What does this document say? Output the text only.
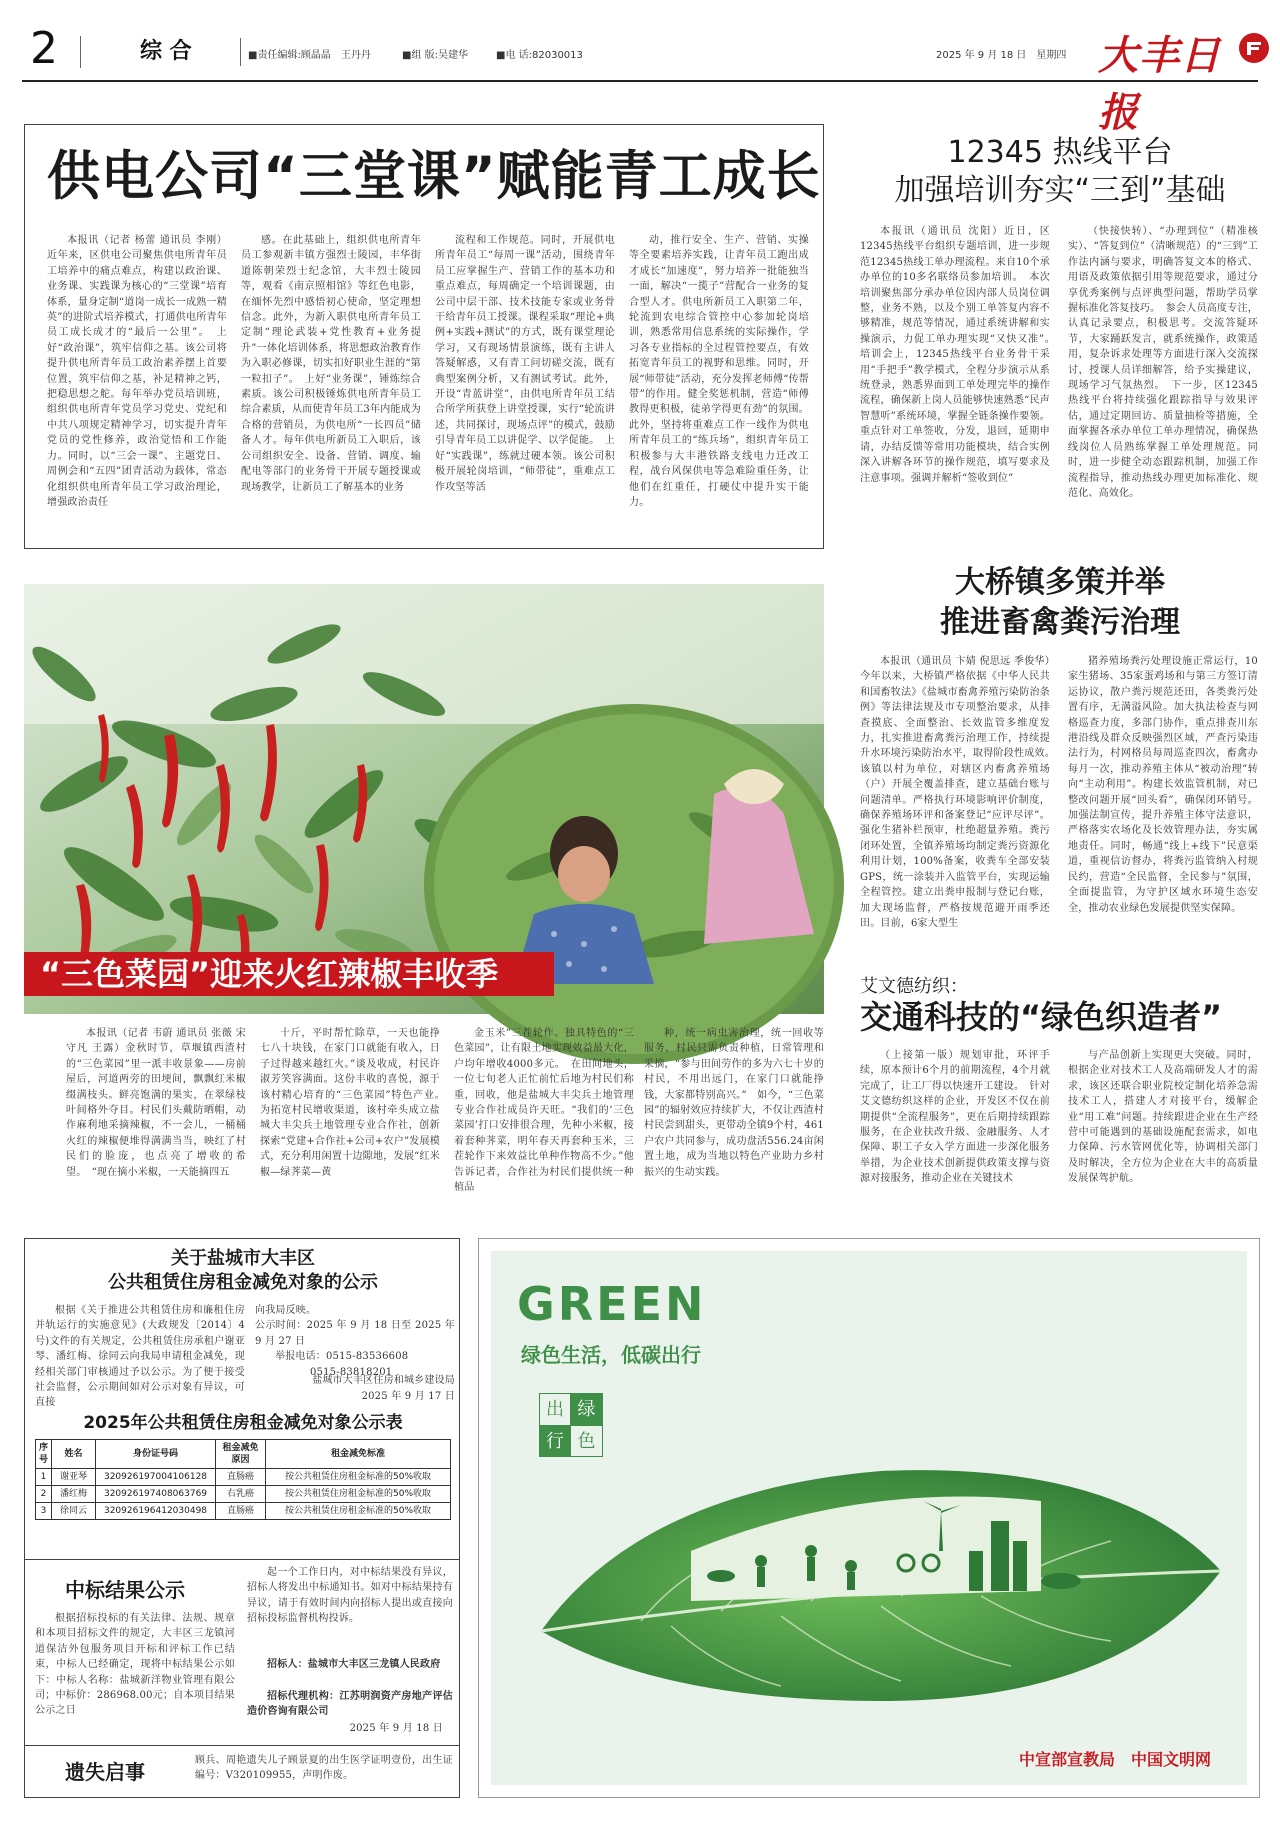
2	综 合	■责任编辑:顾晶晶　王丹丹	■组 版:吴建华	■电 话:82030013	2025 年 9 月 18 日　星期四 大丰日报
供电公司“三堂课”赋能青工成长

本报讯（记者 杨蕾 通讯员 李刚）近年来，区供电公司聚焦供电所青年员工培养中的痛点难点，构建以政治课、业务课、实践课为核心的“三堂课”培育体系，量身定制“道岗一成长一成熟一精英”的进阶式培养模式，打通供电所青年员工成长成才的“最后一公里”。　上好“政治课”，筑牢信仰之基。该公司将提升供电所青年员工政治素养摆上首要位置，筑牢信仰之基，补足精神之钙，把稳思想之舵。每年举办党员培训班，组织供电所青年党员学习党史、党纪和中共八项规定精神学习，切实提升青年党员的党性修养，政治觉悟和工作能力。同时，以“三会一课”、主题党日、周例会和“五四”团青活动为载体，常态化组织供电所青年员工学习政治理论，增强政治责任

感。在此基础上，组织供电所青年员工参观新丰镇方强烈士陵园，丰华街道陈朝荣烈士纪念馆，大丰烈士陵园等，观看《南京照相馆》等红色电影，在缅怀先烈中感悟初心使命，坚定理想信念。此外，为新入职供电所青年员工定制“理论武装+党性教育+业务提升”一体化培训体系，将思想政治教育作为入职必修课，切实扣好职业生涯的“第一粒扣子”。　上好“业务课”，锤炼综合素质。该公司积极锤炼供电所青年员工综合素质，从而使青年员工3年内能成为合格的营销员，为供电所“一长四员”储备人才。每年供电所新员工入职后，该公司组织安全、设备、营销、调度、输配电等部门的业务骨干开展专题授课或现场教学，让新员工了解基本的业务

流程和工作规范。同时，开展供电所青年员工“每周一课”活动，围绕青年员工应掌握生产、营销工作的基本功和重点难点，每周确定一个培训课题，由公司中层干部、技术技能专家或业务骨干给青年员工授课。课程采取“理论+典例+实践+测试”的方式，既有课堂理论学习，又有现场情景演练，既有主讲人答疑解惑，又有青工问切磋交流，既有典型案例分析，又有测试考试。此外，开设“青蓝讲堂”，由供电所青年员工结合所学所获登上讲堂授课，实行“轮流讲述，共同探讨，现场点评”的模式，鼓励引导青年员工以讲促学、以学促能。　上好“实践课”，练就过硬本领。该公司积极开展轮岗培训，“师带徒”，重难点工作攻坚等活

动，推行安全、生产、营销、实操等全要素培养实践，让青年员工跑出成才成长“加速度”，努力培养一批能独当一面，解决“一揽子”营配合一业务的复合型人才。供电所新员工入职第二年，轮流到农电综合管控中心参加轮岗培训，熟悉常用信息系统的实际操作，学习各专业指标的全过程管控要点，有效拓宽青年员工的视野和思维。同时，开展“师带徒”活动，充分发挥老师傅“传帮带”的作用。健全奖惩机制，营造“师傅教得更积极，徒弟学得更有劲”的氛围。此外，坚持将重难点工作一线作为供电所青年员工的“练兵场”，组织青年员工积极参与大丰港铁路支线电力迁改工程，战台风保供电等急难险重任务，让他们在红重任，打硬仗中提升实干能力。

12345 热线平台
加强培训夯实“三到”基础

本报讯（通讯员 沈阳）近日，区12345热线平台组织专题培训，进一步规范12345热线工单办理流程。来自10个承办单位的10多名联络员参加培训。　本次培训聚焦部分承办单位因内部人员岗位调整，业务不熟，以及个别工单答复内容不够精准，规范等情况，通过系统讲解和实操演示，力促工单办理实现“又快又准”。　培训会上，12345热线平台业务骨干采用“手把手”教学模式，全程分步演示从系统登录，熟悉界面到工单处理完毕的操作流程，确保新上岗人员能够快速熟悉“民声智慧听”系统环境，掌握全链条操作要领。重点针对工单签收，分发，退回，延期申请，办结反馈等常用功能模块，结合实例深入讲解各环节的操作规范，填写要求及注意事项。强调并解析“签收到位”

（快接快转）、“办理到位”（精准核实）、“答复到位”（清晰规范）的“三到”工作法内涵与要求，明确答复文本的格式、用语及政策依据引用等规范要求，通过分享优秀案例与点评典型问题，帮助学员掌握标准化答复技巧。　参会人员高度专注，认真记录要点，积极思考。交流答疑环节，大家踊跃发言，就系统操作，政策适用，复杂诉求处理等方面进行深入交流探讨，授课人员详细解答，给予实操建议，现场学习气氛热烈。　下一步，区12345热线平台将持续强化跟踪指导与效果评估，通过定期回访、质量抽检等措施，全面掌握各承办单位工单办理情况，确保热线岗位人员熟练掌握工单处理规范。同时，进一步健全动态跟踪机制，加强工作流程指导，推动热线办理更加标准化、规范化、高效化。

“三色菜园”迎来火红辣椒丰收季

本报讯（记者 韦蔚 通讯员 张薇 宋守凡 王露）金秋时节，草堰镇西渣村的“三色菜园”里一派丰收景象——房前屋后，河道两旁的田埂间，飘飘红米椒缀满枝头。鲜亮饱满的果实，在翠绿枝叶间格外夺目。村民们头戴防晒帽，动作麻利地采摘辣椒，不一会儿，一桶桶火红的辣椒便堆得满满当当，映红了村民们的脸庞，也点亮了增收的希望。　“现在摘小米椒，一天能摘四五

十斤，平时帮忙除草，一天也能挣七八十块钱，在家门口就能有收入，日子过得越来越红火。”谈及收成，村民许淑芳笑容满面。这份丰收的喜悦，源于该村精心培育的“三色菜园”特色产业。　为拓宽村民增收渠道，该村牵头成立盐城大丰尖兵土地管理专业合作社，创新探索“党建+合作社+公司+农户”发展模式，充分利用闲置十边隙地，发展“红米椒—绿荠菜—黄

金玉米”三茬轮作。独具特色的“三色菜园”，让有限土地实现效益最大化，户均年增收4000多元。　在田间地头，一位七旬老人正忙前忙后地为村民们称重，回收，他是盐城大丰尖兵土地管理专业合作社成员许天旺。“我们的‘三色菜园’打口安排很合理，先种小米椒，接着套种荠菜，明年春天再套种玉米，三茬轮作下来效益比单种作物高不少。”他告诉记者，合作社为村民们提供统一种植品

种，统一病虫害治理，统一回收等服务，村民只需负责种植，日常管理和采摘，“参与田间劳作的多为六七十岁的村民，不用出远门，在家门口就能挣钱，大家都特别高兴。”　如今，“三色菜园”的辐射效应持续扩大，不仅让西渣村村民尝到甜头，更带动全镇9个村，461户农户共同参与，成功盘活556.24亩闲置土地，成为当地以特色产业助力乡村振兴的生动实践。

大桥镇多策并举
推进畜禽粪污治理

本报讯（通讯员 卞婧 倪思远 季俊华）今年以来，大桥镇严格依据《中华人民共和国畜牧法》《盐城市畜禽养殖污染防治条例》等法律法规及市专项整治要求，从排查摸底、全面整治、长效监管多维度发力，扎实推进畜禽粪污治理工作，持续提升水环境污染防治水平，取得阶段性成效。　该镇以村为单位，对辖区内畜禽养殖场（户）开展全覆盖排查，建立基础台账与问题清单。严格执行环境影响评价制度，确保养殖场环评和备案登记“应评尽评”。强化生猪补栏预审，杜绝超量养殖。粪污闭环处置，全镇养殖场均制定粪污资源化利用计划，100%备案，收粪车全部安装GPS，统一涂装并入监管平台，实现运输全程管控。建立出粪申报制与登记台账，加大现场监督，严格按规范避开雨季还田。目前，6家大型生

猪养殖场粪污处理设施正常运行，10家生猪场、35家蛋鸡场和与第三方签订清运协议，散户粪污规范还田，各类粪污处置有序，无满溢风险。加大执法检查与网格巡查力度，多部门协作，重点排查川东港沿线及群众反映强烈区域，严查污染违法行为，村网格员每周巡查四次，畜禽办每月一次，推动养殖主体从“被动治理”转向“主动利用”。构建长效监管机制，对已整改问题开展“回头看”，确保闭环销号。加强法制宣传，提升养殖主体守法意识，严格落实农场化及长效管理办法，夯实属地责任。同时，畅通“线上+线下”民意渠道，重视信访督办，将粪污监管纳入村规民约，营造“全民监督，全民参与”氛围，全面提监管，为守护区域水环境生态安全，推动农业绿色发展提供坚实保障。

艾文德纺织：
交通科技的“绿色织造者”

（上接第一版）规划审批，环评手续，原本预计6个月的前期流程，4个月就完成了，让工厂得以快速开工建设。　针对艾文德纺织这样的企业，开发区不仅在前期提供“全流程服务”，更在后期持续跟踪服务，在企业扶改升级、金融服务、人才保障、职工子女入学方面进一步深化服务举措，为企业技术创新提供政策支撑与资源对接服务，推动企业在关键技术

与产品创新上实现更大突破。同时，根据企业对技术工人及高端研发人才的需求，该区还联合职业院校定制化培养急需技术工人，搭建人才对接平台，缓解企业“用工难”问题。持续跟进企业在生产经营中可能遇到的基础设施配套需求，如电力保障、污水管网优化等，协调相关部门及时解决，全方位为企业在大丰的高质量发展保驾护航。

关于盐城市大丰区
公共租赁住房租金减免对象的公示

根据《关于推进公共租赁住房和廉租住房并轨运行的实施意见》(大政规发〔2014〕4号)文件的有关规定，公共租赁住房承租户谢亚琴、潘红梅、徐同云向我局申请租金减免，现经相关部门审核通过予以公示。为了便于接受社会监督，公示期间如对公示对象有异议，可直接

向我局反映。
公示时间：2025 年 9 月 18 日至 2025 年 9 月 27 日
举报电话：0515-83536608
0515-83818201
盐城市大丰区住房和城乡建设局
2025 年 9 月 17 日
2025年公共租赁住房租金减免对象公示表
序号	姓名	身份证号码	租金减免原因	租金减免标准
1	谢亚琴	320926197004106128	直肠癌	按公共租赁住房租金标准的50%收取
2	潘红梅	320926197408063769	右乳癌	按公共租赁住房租金标准的50%收取
3	徐同云	320926196412030498	直肠癌	按公共租赁住房租金标准的50%收取
中标结果公示

根据招标投标的有关法律、法规、规章和本项目招标文件的规定，大丰区三龙镇河道保洁外包服务项目开标和评标工作已结束，中标人已经确定，现将中标结果公示如下：中标人名称：盐城新洋物业管理有限公司；中标价：286968.00元；自本项目结果公示之日

起一个工作日内，对中标结果没有异议，招标人将发出中标通知书。如对中标结果持有异议，请于有效时间内向招标人提出或直接向招标投标监督机构投诉。

招标人：盐城市大丰区三龙镇人民政府

招标代理机构：江苏明润资产房地产评估造价咨询有限公司

2025 年 9 月 18 日
遗失启事	顾兵、周艳遗失儿子顾景夏的出生医学证明壹份，出生证编号：V320109955，声明作废。
GREEN
绿色生活，低碳出行
出 绿
行 色
中宣部宣教局　中国文明网
